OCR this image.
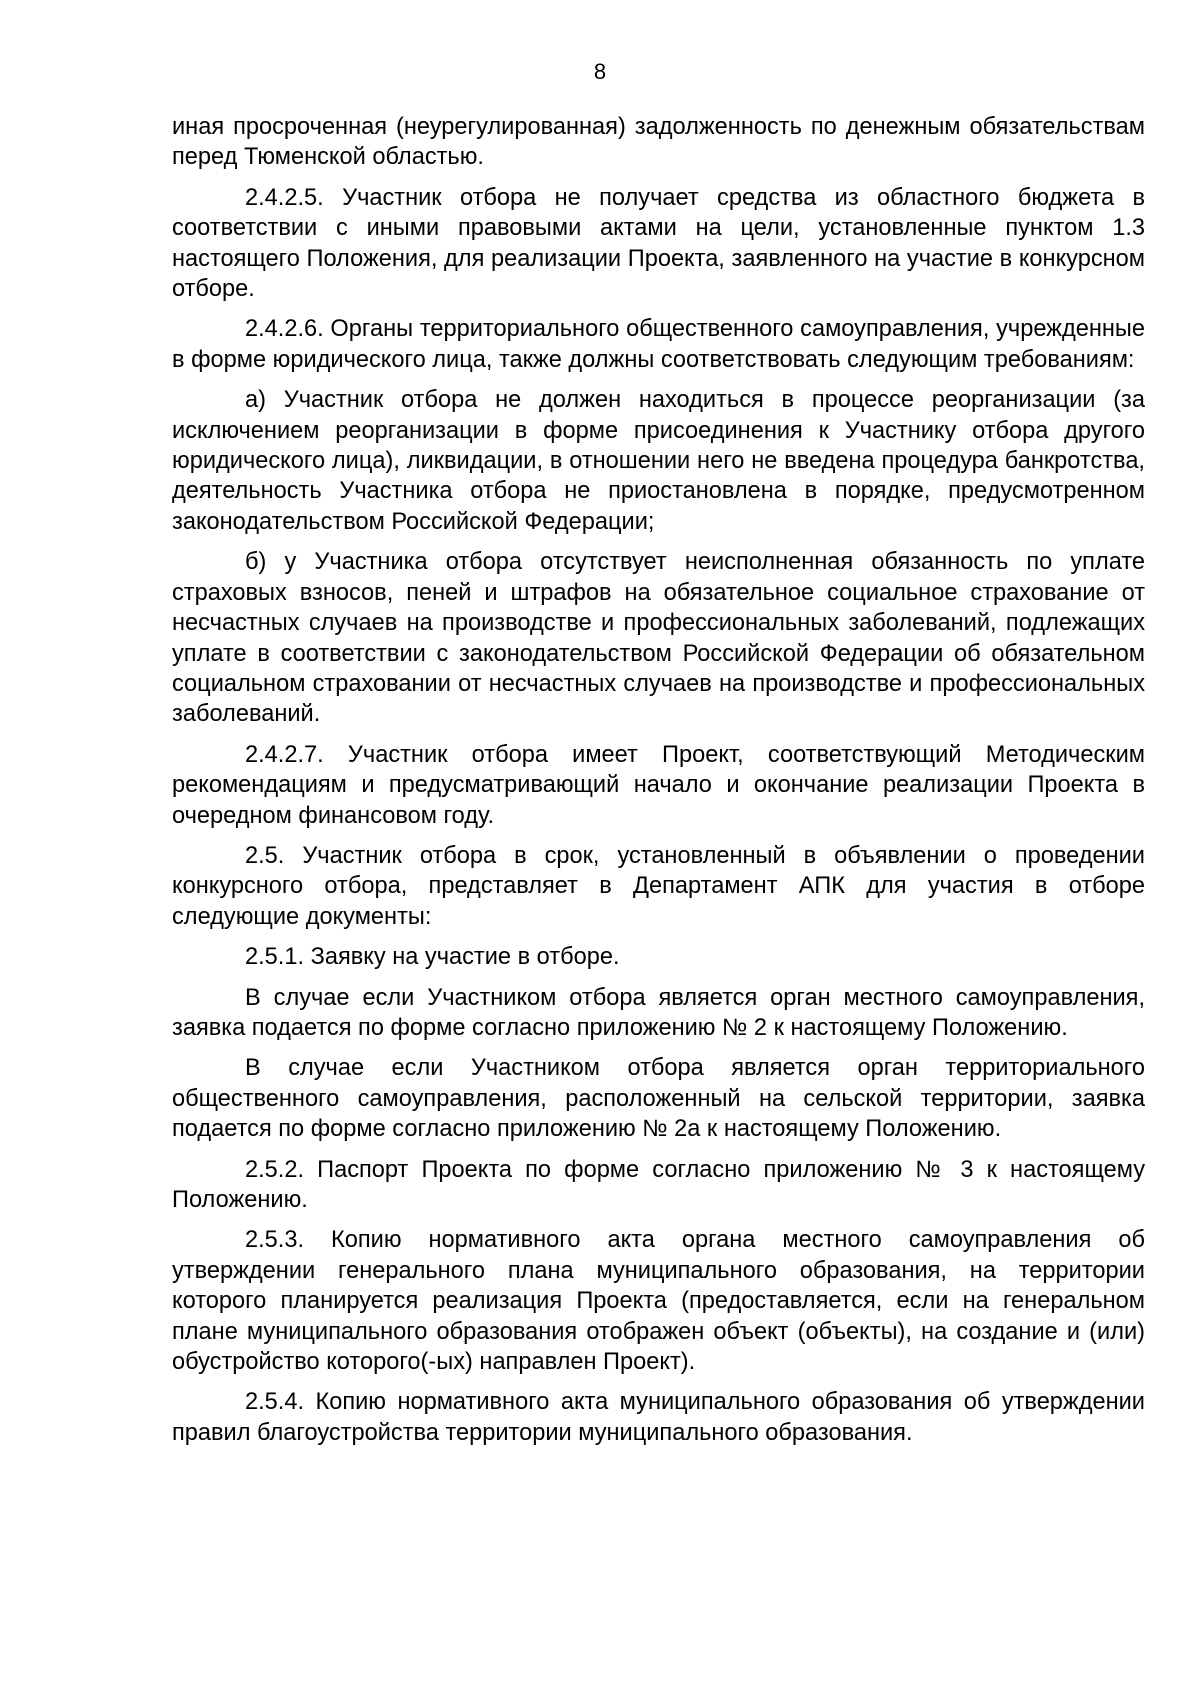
8

иная просроченная (неурегулированная) задолженность по денежным обязательствам перед Тюменской областью.

2.4.2.5. Участник отбора не получает средства из областного бюджета в соответствии с иными правовыми актами на цели, установленные пунктом 1.3 настоящего Положения, для реализации Проекта, заявленного на участие в конкурсном отборе.

2.4.2.6. Органы территориального общественного самоуправления, учрежденные в форме юридического лица, также должны соответствовать следующим требованиям:

а) Участник отбора не должен находиться в процессе реорганизации (за исключением реорганизации в форме присоединения к Участнику отбора другого юридического лица), ликвидации, в отношении него не введена процедура банкротства, деятельность Участника отбора не приостановлена в порядке, предусмотренном законодательством Российской Федерации;

б) у Участника отбора отсутствует неисполненная обязанность по уплате страховых взносов, пеней и штрафов на обязательное социальное страхование от несчастных случаев на производстве и профессиональных заболеваний, подлежащих уплате в соответствии с законодательством Российской Федерации об обязательном социальном страховании от несчастных случаев на производстве и профессиональных заболеваний.

2.4.2.7. Участник отбора имеет Проект, соответствующий Методическим рекомендациям и предусматривающий начало и окончание реализации Проекта в очередном финансовом году.

2.5. Участник отбора в срок, установленный в объявлении о проведении конкурсного отбора, представляет в Департамент АПК для участия в отборе следующие документы:

2.5.1. Заявку на участие в отборе.

В случае если Участником отбора является орган местного самоуправления, заявка подается по форме согласно приложению № 2 к настоящему Положению.

В случае если Участником отбора является орган территориального общественного самоуправления, расположенный на сельской территории, заявка подается по форме согласно приложению № 2а к настоящему Положению.

2.5.2. Паспорт Проекта по форме согласно приложению № 3 к настоящему Положению.

2.5.3. Копию нормативного акта органа местного самоуправления об утверждении генерального плана муниципального образования, на территории которого планируется реализация Проекта (предоставляется, если на генеральном плане муниципального образования отображен объект (объекты), на создание и (или) обустройство которого(-ых) направлен Проект).

2.5.4. Копию нормативного акта муниципального образования об утверждении правил благоустройства территории муниципального образования.
